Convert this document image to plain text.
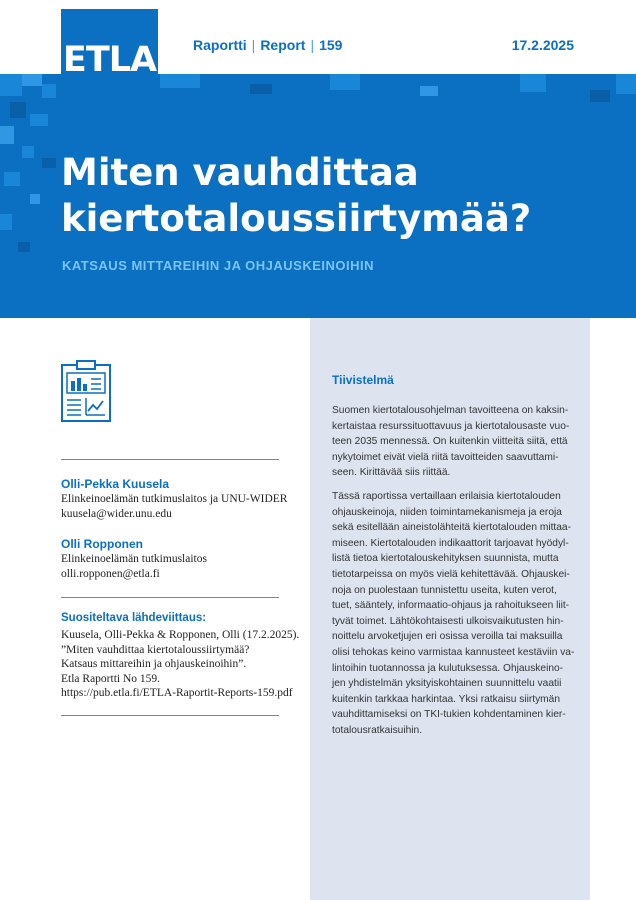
ETLA	Raportti | Report | 159	17.2.2025
Miten vauhdittaa
kiertotaloussiirtymää?
KATSAUS MITTAREIHIN JA OHJAUSKEINOIHIN
Olli-Pekka Kuusela
Elinkeinoelämän tutkimuslaitos ja UNU-WIDER
kuusela@wider.unu.edu
Olli Ropponen
Elinkeinoelämän tutkimuslaitos
olli.ropponen@etla.fi
Suositeltava lähdeviittaus:
Kuusela, Olli-Pekka & Ropponen, Olli (17.2.2025).
”Miten vauhdittaa kiertotaloussiirtymää?
Katsaus mittareihin ja ohjauskeinoihin”.
Etla Raportti No 159.
https://pub.etla.fi/ETLA-Raportit-Reports-159.pdf
Tiivistelmä
Suomen kiertotalousohjelman tavoitteena on kaksin-
kertaistaa resurssituottavuus ja kiertotalousaste vuo-
teen 2035 mennessä. On kuitenkin viitteitä siitä, että
nykytoimet eivät vielä riitä tavoitteiden saavuttami-
seen. Kirittävää siis riittää.
Tässä raportissa vertaillaan erilaisia kiertotalouden
ohjauskeinoja, niiden toimintamekanismeja ja eroja
sekä esitellään aineistolähteitä kiertotalouden mittaa-
miseen. Kiertotalouden indikaattorit tarjoavat hyödyl-
listä tietoa kiertotalouskehityksen suunnista, mutta
tietotarpeissa on myös vielä kehitettävää. Ohjauskei-
noja on puolestaan tunnistettu useita, kuten verot,
tuet, sääntely, informaatio-ohjaus ja rahoitukseen liit-
tyvät toimet. Lähtökohtaisesti ulkoisvaikutusten hin-
noittelu arvoketjujen eri osissa veroilla tai maksuilla
olisi tehokas keino varmistaa kannusteet kestäviin va-
lintoihin tuotannossa ja kulutuksessa. Ohjauskeino-
jen yhdistelmän yksityiskohtainen suunnittelu vaatii
kuitenkin tarkkaa harkintaa. Yksi ratkaisu siirtymän
vauhdittamiseksi on TKI-tukien kohdentaminen kier-
totalousratkaisuihin.
